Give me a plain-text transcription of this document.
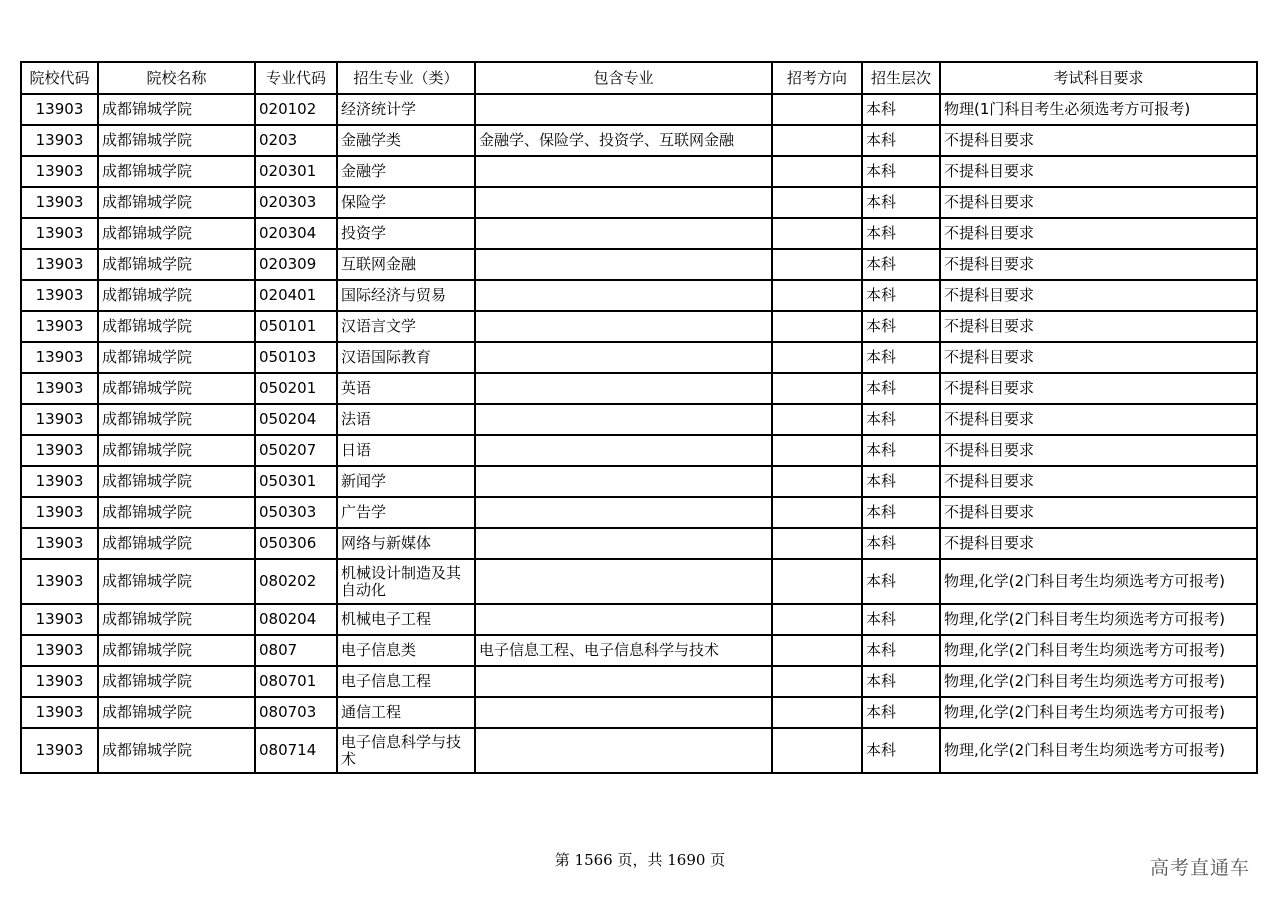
院校代码	院校名称	专业代码	招生专业（类）	包含专业	招考方向	招生层次	考试科目要求
13903	成都锦城学院	020102	经济统计学			本科	物理(1门科目考生必须选考方可报考)
13903	成都锦城学院	0203	金融学类	金融学、保险学、投资学、互联网金融		本科	不提科目要求
13903	成都锦城学院	020301	金融学			本科	不提科目要求
13903	成都锦城学院	020303	保险学			本科	不提科目要求
13903	成都锦城学院	020304	投资学			本科	不提科目要求
13903	成都锦城学院	020309	互联网金融			本科	不提科目要求
13903	成都锦城学院	020401	国际经济与贸易			本科	不提科目要求
13903	成都锦城学院	050101	汉语言文学			本科	不提科目要求
13903	成都锦城学院	050103	汉语国际教育			本科	不提科目要求
13903	成都锦城学院	050201	英语			本科	不提科目要求
13903	成都锦城学院	050204	法语			本科	不提科目要求
13903	成都锦城学院	050207	日语			本科	不提科目要求
13903	成都锦城学院	050301	新闻学			本科	不提科目要求
13903	成都锦城学院	050303	广告学			本科	不提科目要求
13903	成都锦城学院	050306	网络与新媒体			本科	不提科目要求
13903	成都锦城学院	080202	机械设计制造及其自动化			本科	物理,化学(2门科目考生均须选考方可报考)
13903	成都锦城学院	080204	机械电子工程			本科	物理,化学(2门科目考生均须选考方可报考)
13903	成都锦城学院	0807	电子信息类	电子信息工程、电子信息科学与技术		本科	物理,化学(2门科目考生均须选考方可报考)
13903	成都锦城学院	080701	电子信息工程			本科	物理,化学(2门科目考生均须选考方可报考)
13903	成都锦城学院	080703	通信工程			本科	物理,化学(2门科目考生均须选考方可报考)
13903	成都锦城学院	080714	电子信息科学与技术			本科	物理,化学(2门科目考生均须选考方可报考)
第 1566 页，共 1690 页	高考直通车
